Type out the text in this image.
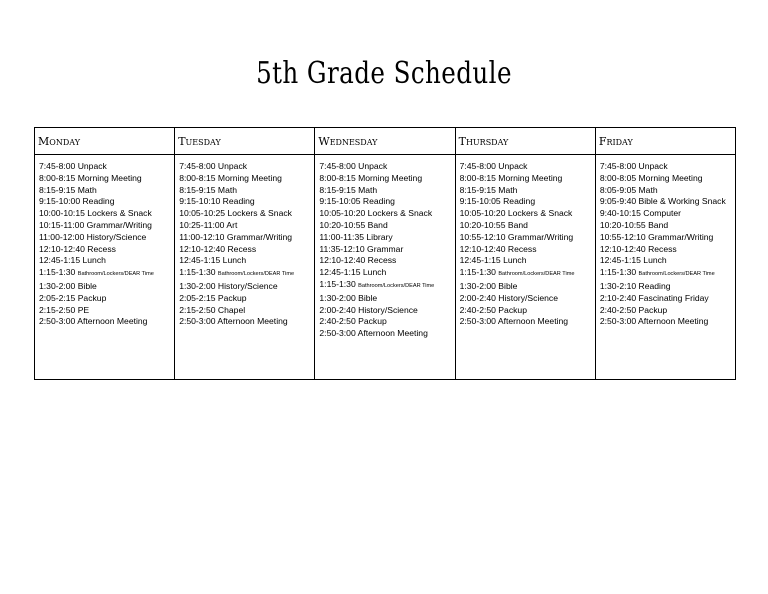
5th Grade Schedule
Monday
7:45-8:00 Unpack
8:00-8:15 Morning Meeting
8:15-9:15 Math
9:15-10:00 Reading
10:00-10:15 Lockers & Snack
10:15-11:00 Grammar/Writing
11:00-12:00 History/Science
12:10-12:40 Recess
12:45-1:15 Lunch
1:15-1:30 Bathroom/Lockers/DEAR Time
1:30-2:00 Bible
2:05-2:15 Packup
2:15-2:50 PE
2:50-3:00 Afternoon Meeting
Tuesday
7:45-8:00 Unpack
8:00-8:15 Morning Meeting
8:15-9:15 Math
9:15-10:10 Reading
10:05-10:25 Lockers & Snack
10:25-11:00 Art
11:00-12:10 Grammar/Writing
12:10-12:40 Recess
12:45-1:15 Lunch
1:15-1:30 Bathroom/Lockers/DEAR Time
1:30-2:00 History/Science
2:05-2:15 Packup
2:15-2:50 Chapel
2:50-3:00 Afternoon Meeting
Wednesday
7:45-8:00 Unpack
8:00-8:15 Morning Meeting
8:15-9:15 Math
9:15-10:05 Reading
10:05-10:20 Lockers & Snack
10:20-10:55 Band
11:00-11:35 Library
11:35-12:10 Grammar
12:10-12:40 Recess
12:45-1:15 Lunch
1:15-1:30 Bathroom/Lockers/DEAR Time
1:30-2:00 Bible
2:00-2:40 History/Science
2:40-2:50 Packup
2:50-3:00 Afternoon Meeting
Thursday
7:45-8:00 Unpack
8:00-8:15 Morning Meeting
8:15-9:15 Math
9:15-10:05 Reading
10:05-10:20 Lockers & Snack
10:20-10:55 Band
10:55-12:10 Grammar/Writing
12:10-12:40 Recess
12:45-1:15 Lunch
1:15-1:30 Bathroom/Lockers/DEAR Time
1:30-2:00 Bible
2:00-2:40 History/Science
2:40-2:50 Packup
2:50-3:00 Afternoon Meeting
Friday
7:45-8:00 Unpack
8:00-8:05 Morning Meeting
8:05-9:05 Math
9:05-9:40 Bible & Working Snack
9:40-10:15 Computer
10:20-10:55 Band
10:55-12:10 Grammar/Writing
12:10-12:40 Recess
12:45-1:15 Lunch
1:15-1:30 Bathroom/Lockers/DEAR Time
1:30-2:10 Reading
2:10-2:40 Fascinating Friday
2:40-2:50 Packup
2:50-3:00 Afternoon Meeting
